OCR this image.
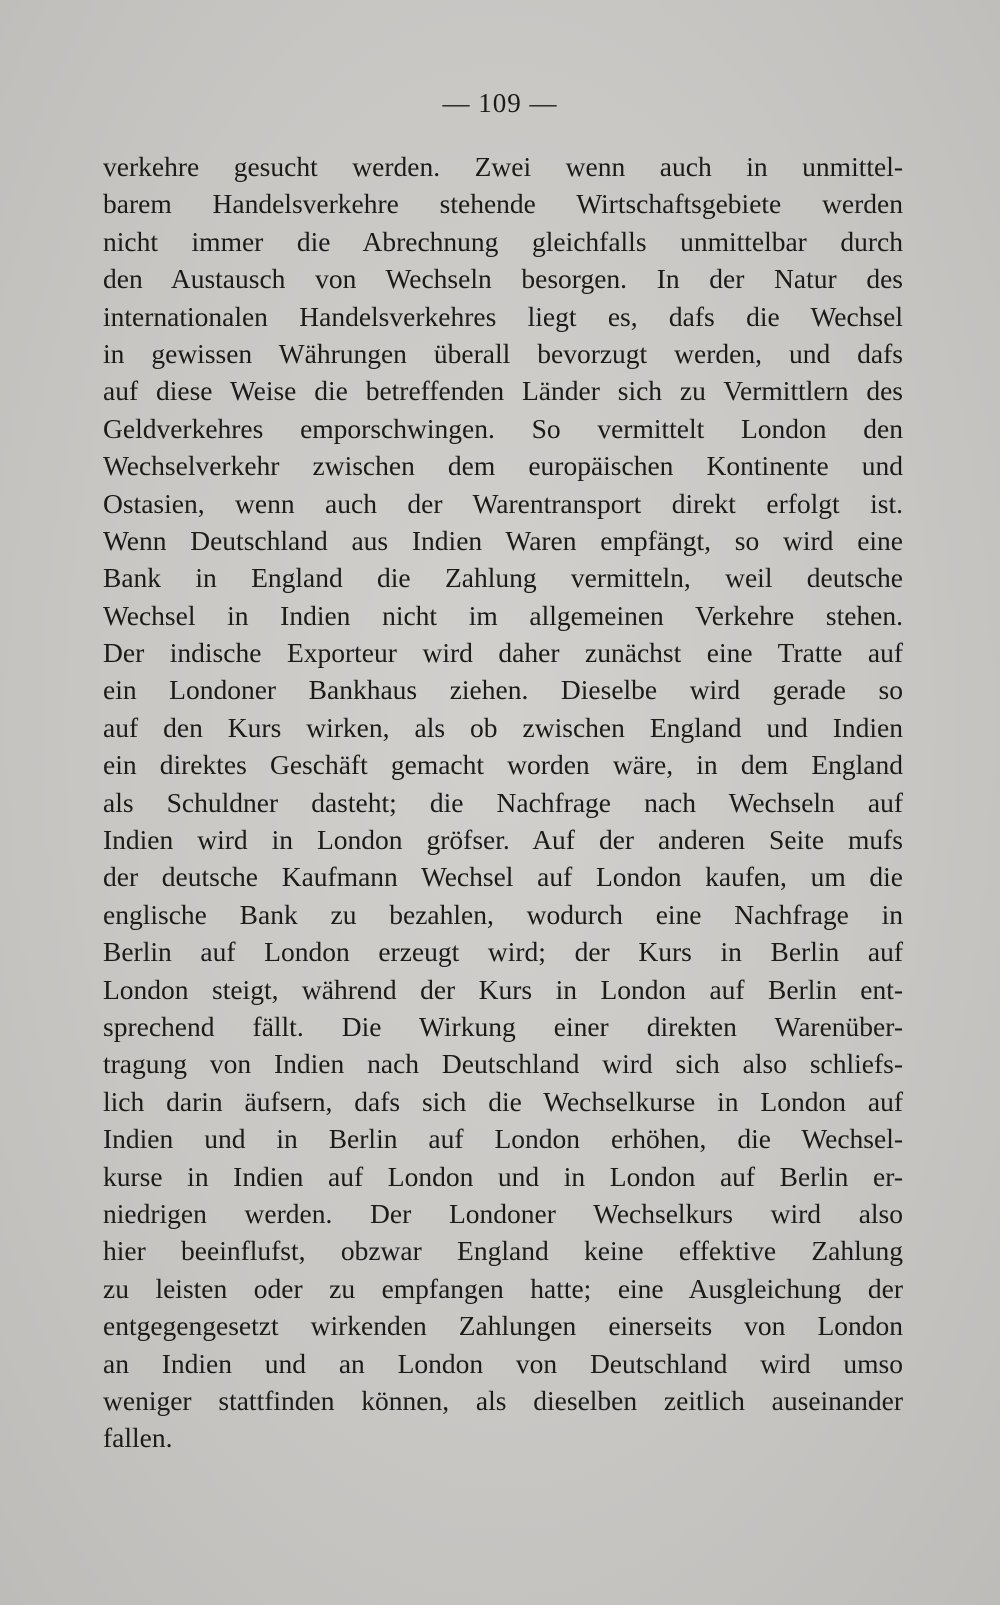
— 109 —
verkehre gesucht werden. Zwei wenn auch in unmittel-
barem Handelsverkehre stehende Wirtschaftsgebiete werden
nicht immer die Abrechnung gleichfalls unmittelbar durch
den Austausch von Wechseln besorgen. In der Natur des
internationalen Handelsverkehres liegt es, dafs die Wechsel
in gewissen Währungen überall bevorzugt werden, und dafs
auf diese Weise die betreffenden Länder sich zu Vermittlern des
Geldverkehres emporschwingen. So vermittelt London den
Wechselverkehr zwischen dem europäischen Kontinente und
Ostasien, wenn auch der Warentransport direkt erfolgt ist.
Wenn Deutschland aus Indien Waren empfängt, so wird eine
Bank in England die Zahlung vermitteln, weil deutsche
Wechsel in Indien nicht im allgemeinen Verkehre stehen.
Der indische Exporteur wird daher zunächst eine Tratte auf
ein Londoner Bankhaus ziehen. Dieselbe wird gerade so
auf den Kurs wirken, als ob zwischen England und Indien
ein direktes Geschäft gemacht worden wäre, in dem England
als Schuldner dasteht; die Nachfrage nach Wechseln auf
Indien wird in London gröfser. Auf der anderen Seite mufs
der deutsche Kaufmann Wechsel auf London kaufen, um die
englische Bank zu bezahlen, wodurch eine Nachfrage in
Berlin auf London erzeugt wird; der Kurs in Berlin auf
London steigt, während der Kurs in London auf Berlin ent-
sprechend fällt. Die Wirkung einer direkten Warenüber-
tragung von Indien nach Deutschland wird sich also schliefs-
lich darin äufsern, dafs sich die Wechselkurse in London auf
Indien und in Berlin auf London erhöhen, die Wechsel-
kurse in Indien auf London und in London auf Berlin er-
niedrigen werden. Der Londoner Wechselkurs wird also
hier beeinflufst, obzwar England keine effektive Zahlung
zu leisten oder zu empfangen hatte; eine Ausgleichung der
entgegengesetzt wirkenden Zahlungen einerseits von London
an Indien und an London von Deutschland wird umso
weniger stattfinden können, als dieselben zeitlich auseinander
fallen.
